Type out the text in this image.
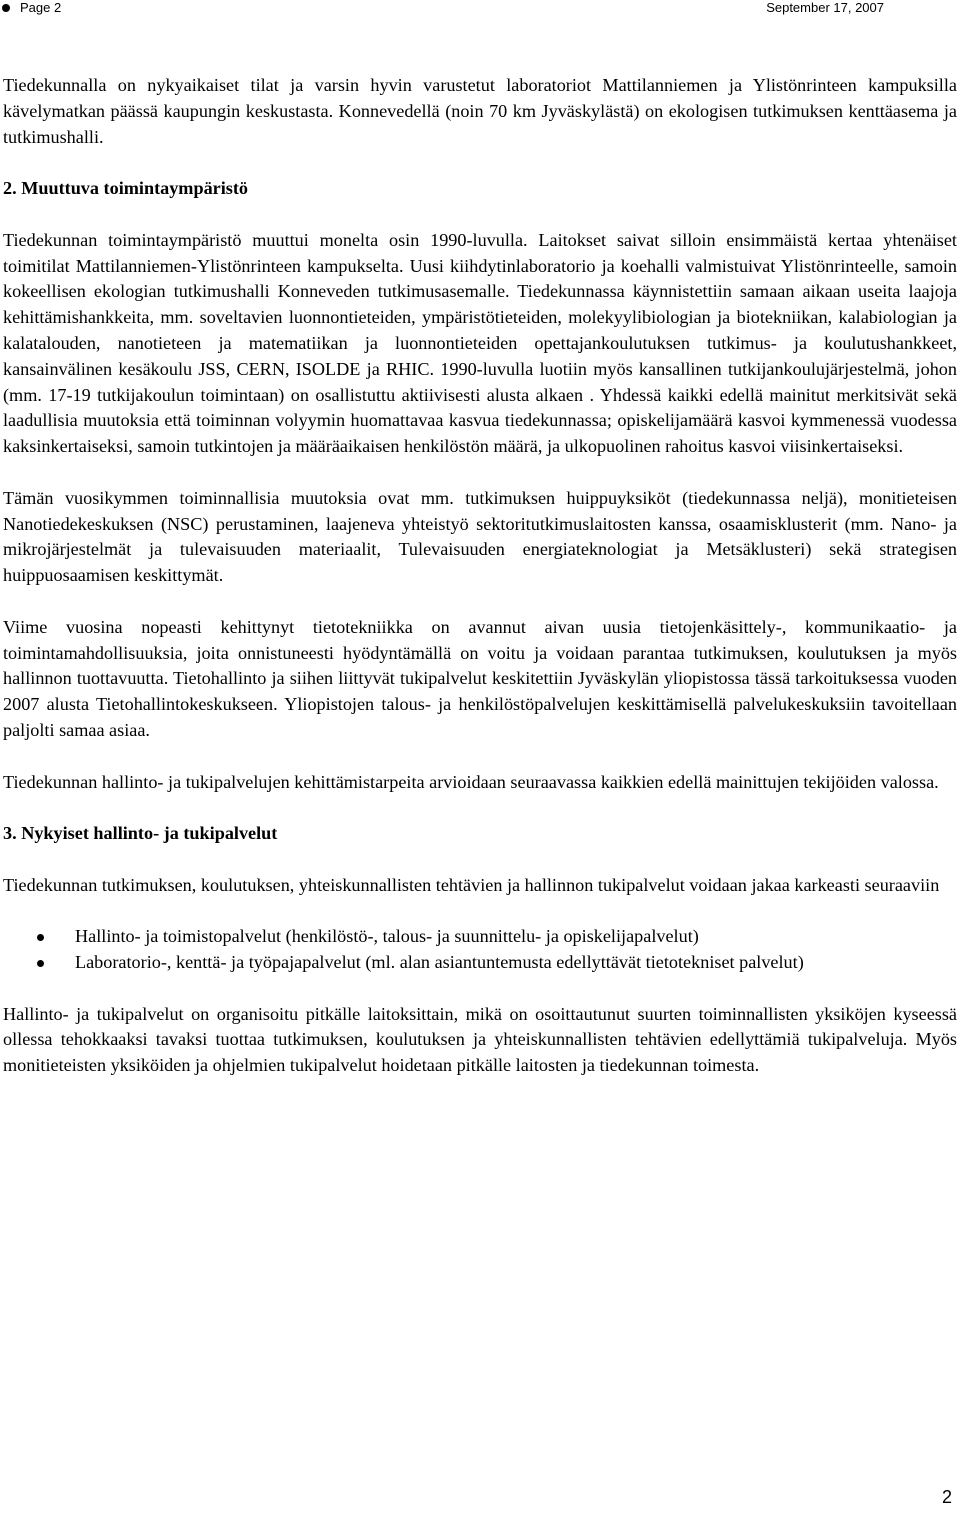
Page 2	September 17, 2007

Tiedekunnalla on nykyaikaiset tilat ja varsin hyvin varustetut laboratoriot Mattilanniemen ja Ylistönrinteen kampuksilla kävelymatkan päässä kaupungin keskustasta. Konnevedellä (noin 70 km Jyväskylästä) on ekologisen tutkimuksen kenttäasema ja tutkimushalli.

2. Muuttuva toimintaympäristö

Tiedekunnan toimintaympäristö muuttui monelta osin 1990-luvulla. Laitokset saivat silloin ensimmäistä kertaa yhtenäiset toimitilat Mattilanniemen-Ylistönrinteen kampukselta. Uusi kiihdytinlaboratorio ja koehalli valmistuivat Ylistönrinteelle, samoin kokeellisen ekologian tutkimushalli Konneveden tutkimusasemalle. Tiedekunnassa käynnistettiin samaan aikaan useita laajoja kehittämishankkeita, mm. soveltavien luonnontieteiden, ympäristötieteiden, molekyylibiologian ja biotekniikan, kalabiologian ja kalatalouden, nanotieteen ja matematiikan ja luonnontieteiden opettajankoulutuksen tutkimus- ja koulutushankkeet, kansainvälinen kesäkoulu JSS, CERN, ISOLDE ja RHIC. 1990-luvulla luotiin myös kansallinen tutkijankoulujärjestelmä, johon (mm. 17-19 tutkijakoulun toimintaan) on osallistuttu aktiivisesti alusta alkaen . Yhdessä kaikki edellä mainitut merkitsivät sekä laadullisia muutoksia että toiminnan volyymin huomattavaa kasvua tiedekunnassa; opiskelijamäärä kasvoi kymmenessä vuodessa kaksinkertaiseksi, samoin tutkintojen ja määräaikaisen henkilöstön määrä, ja ulkopuolinen rahoitus kasvoi viisinkertaiseksi.

Tämän vuosikymmen toiminnallisia muutoksia ovat mm. tutkimuksen huippuyksiköt (tiedekunnassa neljä), monitieteisen Nanotiedekeskuksen (NSC) perustaminen, laajeneva yhteistyö sektoritutkimuslaitosten kanssa, osaamisklusterit (mm. Nano- ja mikrojärjestelmät ja tulevaisuuden materiaalit, Tulevaisuuden energiateknologiat ja Metsäklusteri) sekä strategisen huippuosaamisen keskittymät.

Viime vuosina nopeasti kehittynyt tietotekniikka on avannut aivan uusia tietojenkäsittely-, kommunikaatio- ja toimintamahdollisuuksia, joita onnistuneesti hyödyntämällä on voitu ja voidaan parantaa tutkimuksen, koulutuksen ja myös hallinnon tuottavuutta. Tietohallinto ja siihen liittyvät tukipalvelut keskitettiin Jyväskylän yliopistossa tässä tarkoituksessa vuoden 2007 alusta Tietohallintokeskukseen. Yliopistojen talous- ja henkilöstöpalvelujen keskittämisellä palvelukeskuksiin tavoitellaan paljolti samaa asiaa.

Tiedekunnan hallinto- ja tukipalvelujen kehittämistarpeita arvioidaan seuraavassa kaikkien edellä mainittujen tekijöiden valossa.

3. Nykyiset hallinto- ja tukipalvelut

Tiedekunnan tutkimuksen, koulutuksen, yhteiskunnallisten tehtävien ja hallinnon tukipalvelut voidaan jakaa karkeasti seuraaviin

Hallinto- ja toimistopalvelut (henkilöstö-, talous- ja suunnittelu- ja opiskelijapalvelut)
Laboratorio-, kenttä- ja työpajapalvelut (ml. alan asiantuntemusta edellyttävät tietotekniset palvelut)

Hallinto- ja tukipalvelut on organisoitu pitkälle laitoksittain, mikä on osoittautunut suurten toiminnallisten yksiköjen kyseessä ollessa tehokkaaksi tavaksi tuottaa tutkimuksen, koulutuksen ja yhteiskunnallisten tehtävien edellyttämiä tukipalveluja. Myös monitieteisten yksiköiden ja ohjelmien tukipalvelut hoidetaan pitkälle laitosten ja tiedekunnan toimesta.

2
